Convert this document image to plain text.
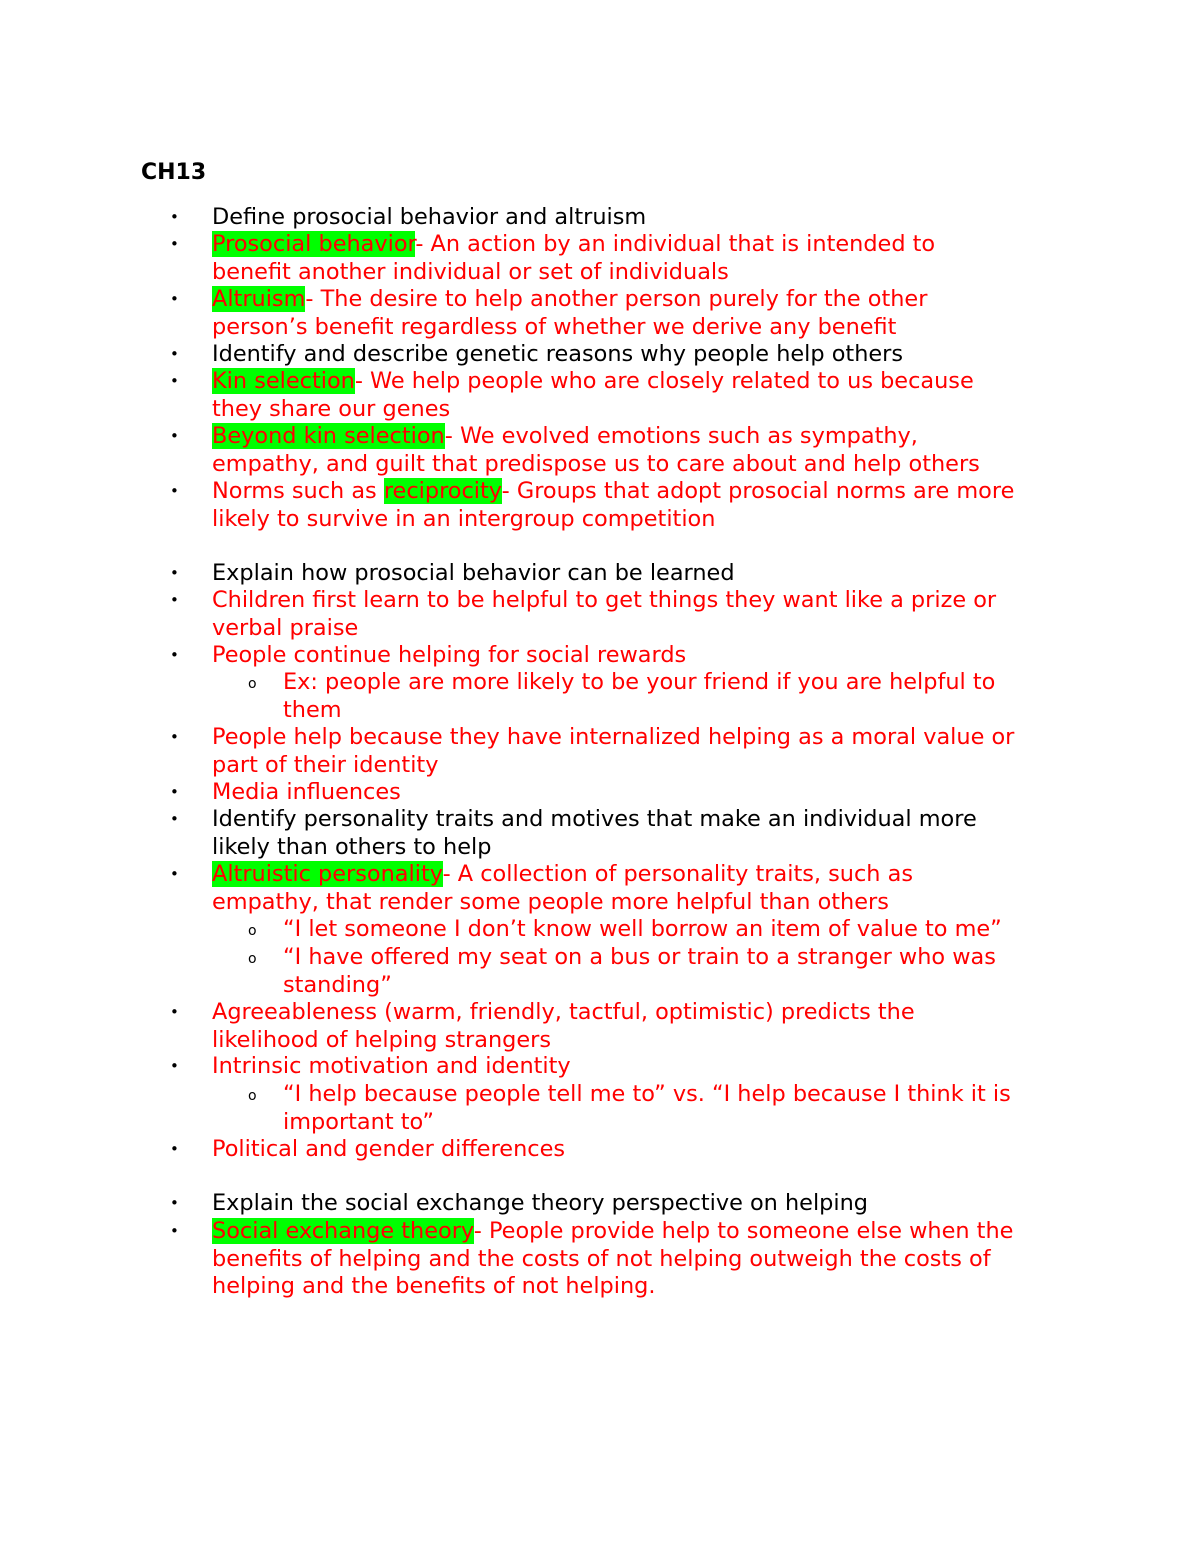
CH13
•	Define prosocial behavior and altruism
•	Prosocial behavior- An action by an individual that is intended to
benefit another individual or set of individuals
•	Altruism- The desire to help another person purely for the other
person’s benefit regardless of whether we derive any benefit
•	Identify and describe genetic reasons why people help others
•	Kin selection- We help people who are closely related to us because
they share our genes
•	Beyond kin selection- We evolved emotions such as sympathy,
empathy, and guilt that predispose us to care about and help others
•	Norms such as reciprocity- Groups that adopt prosocial norms are more
likely to survive in an intergroup competition
•	Explain how prosocial behavior can be learned
•	Children first learn to be helpful to get things they want like a prize or
verbal praise
•	People continue helping for social rewards
o Ex: people are more likely to be your friend if you are helpful to
them
•	People help because they have internalized helping as a moral value or
part of their identity
•	Media influences
•	Identify personality traits and motives that make an individual more
likely than others to help
•	Altruistic personality- A collection of personality traits, such as
empathy, that render some people more helpful than others
o “I let someone I don’t know well borrow an item of value to me”
o “I have offered my seat on a bus or train to a stranger who was
standing”
•	Agreeableness (warm, friendly, tactful, optimistic) predicts the
likelihood of helping strangers
•	Intrinsic motivation and identity
o “I help because people tell me to” vs. “I help because I think it is
important to”
•	Political and gender differences
•	Explain the social exchange theory perspective on helping
•	Social exchange theory- People provide help to someone else when the
benefits of helping and the costs of not helping outweigh the costs of
helping and the benefits of not helping.
